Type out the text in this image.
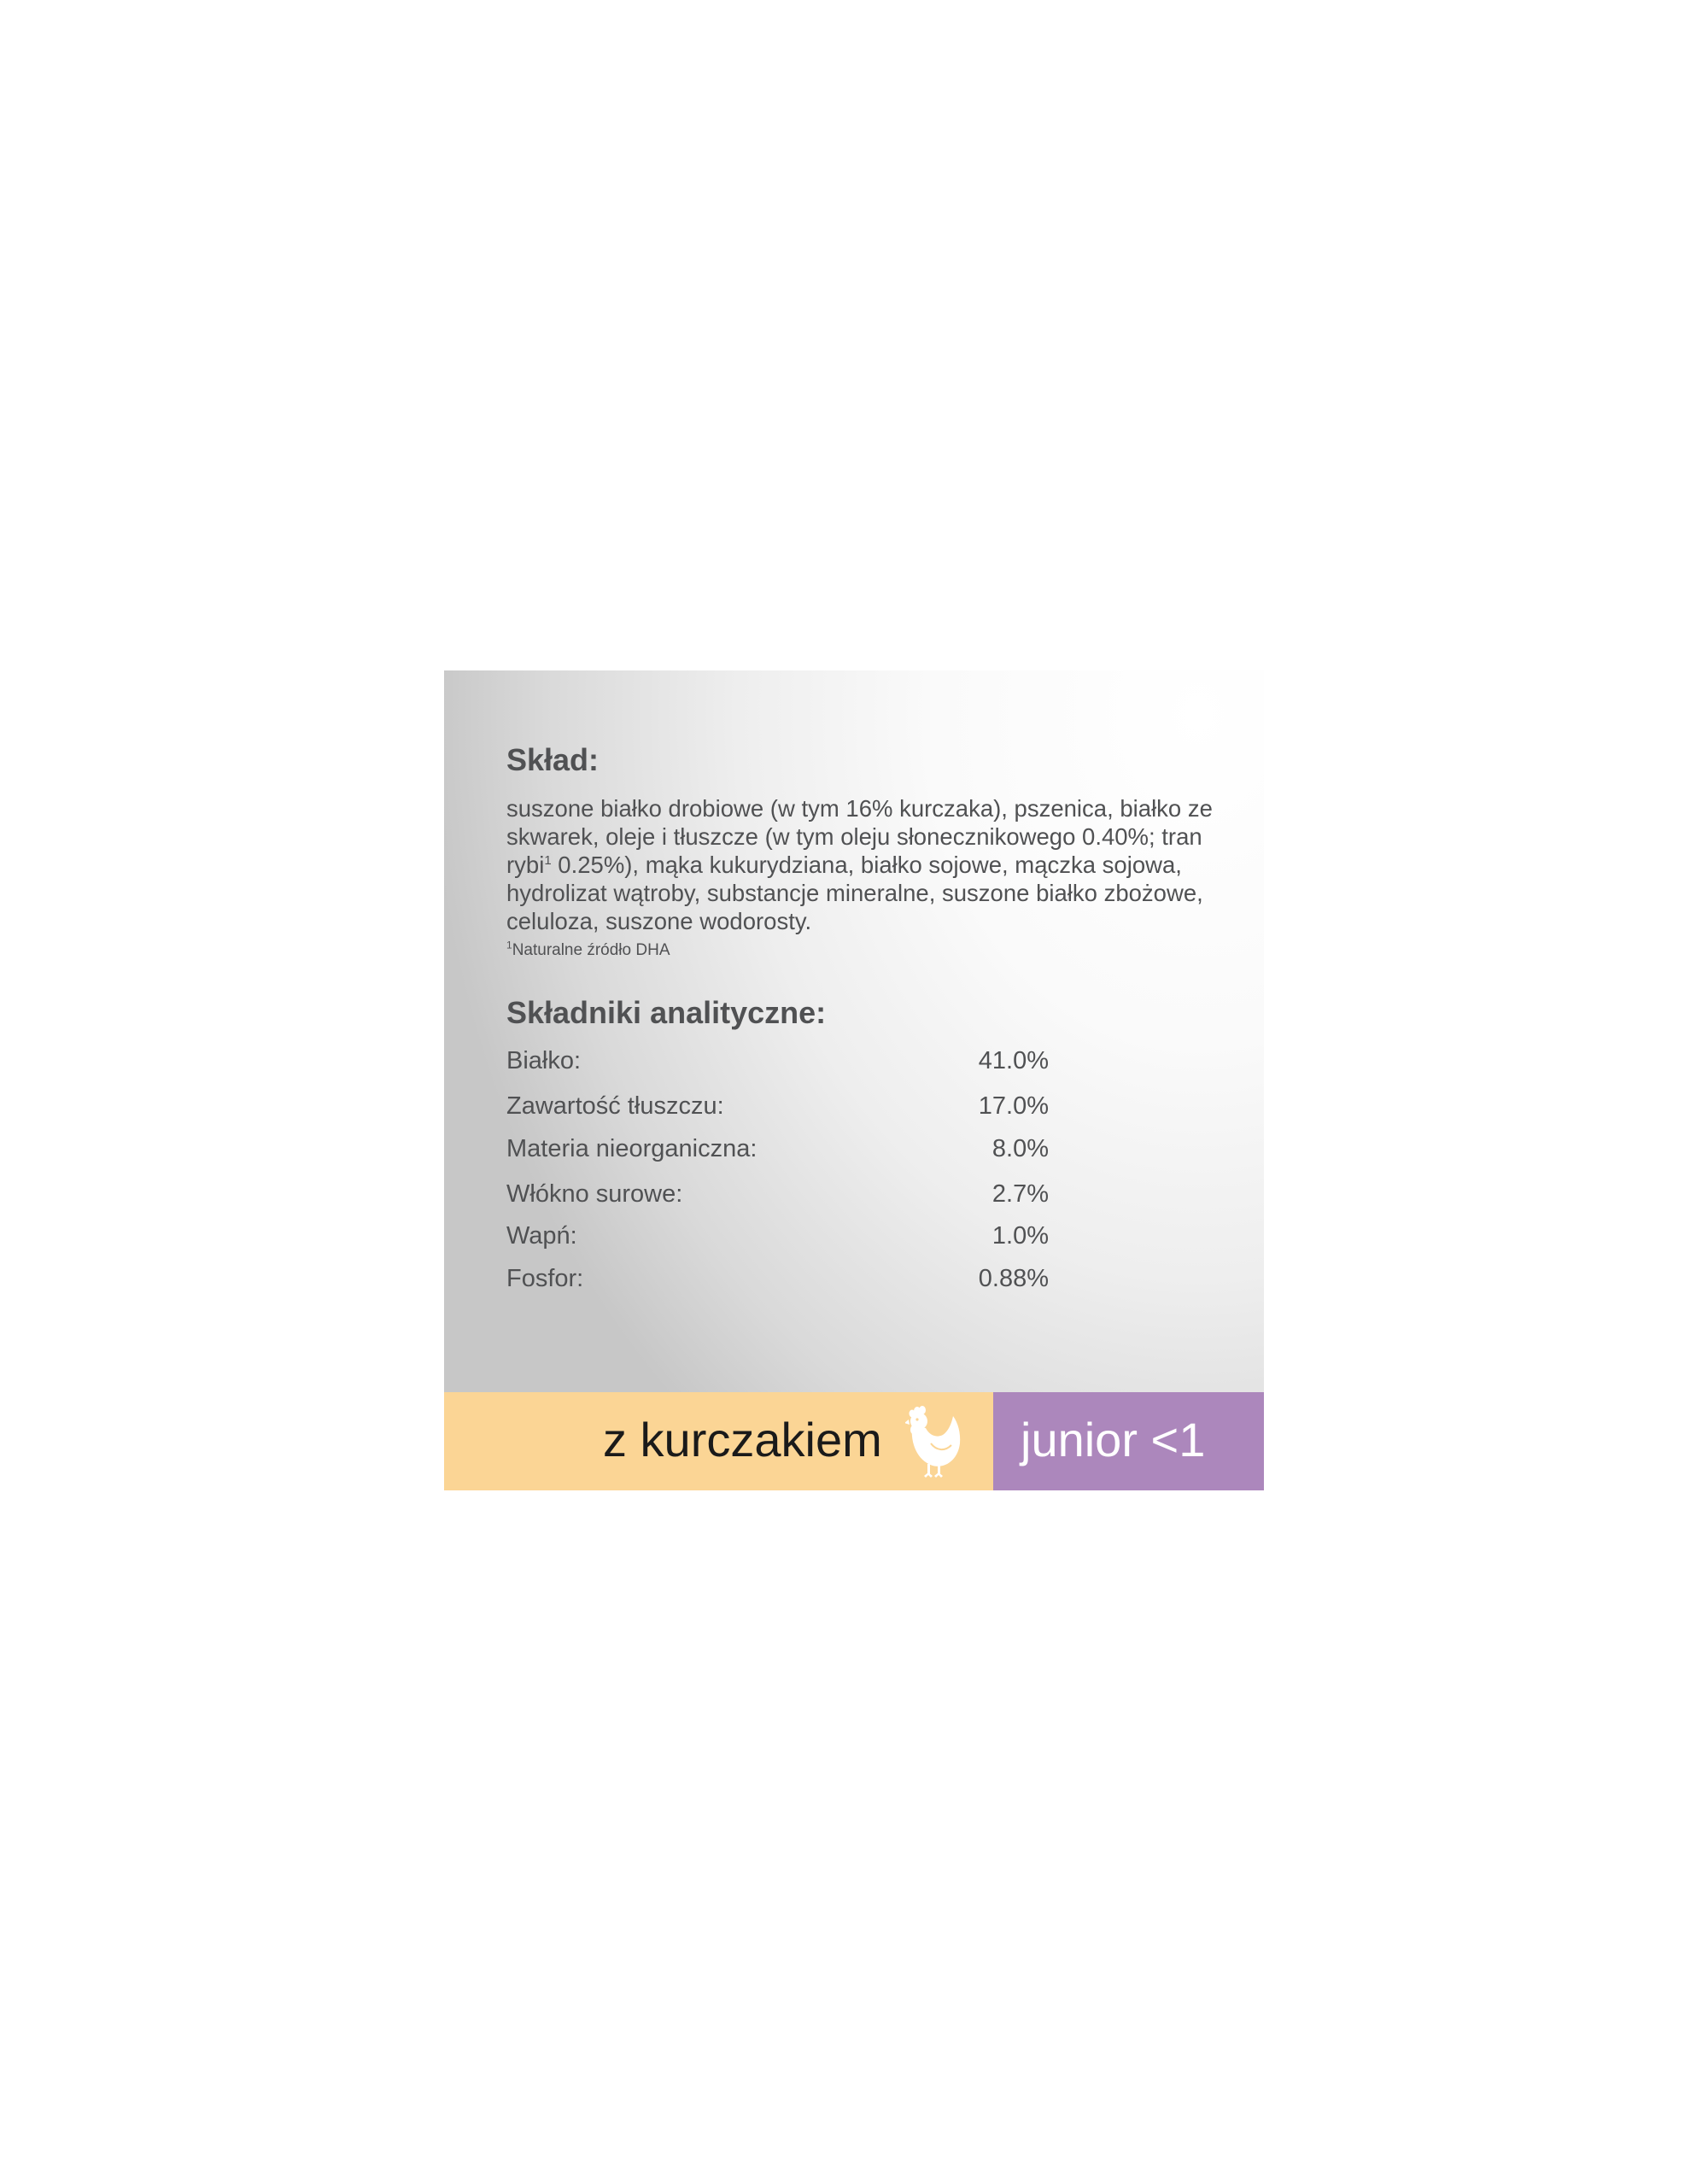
Skład:

suszone białko drobiowe (w tym 16% kurczaka), pszenica, białko ze skwarek, oleje i tłuszcze (w tym oleju słonecznikowego 0.40%; tran rybi$^1$ 0.25%), mąka kukurydziana, białko sojowe, mączka sojowa, hydrolizat wątroby, substancje mineralne, suszone białko zbożowe, celuloza, suszone wodorosty.

$^1$Naturalne źródło DHA
Składniki analityczne:
Białko:	41.0%
Zawartość tłuszczu:	17.0%
Materia nieorganiczna:	8.0%
Włókno surowe:	2.7%
Wapń:	1.0%
Fosfor:	0.88%
z kurczakiem	junior <1
